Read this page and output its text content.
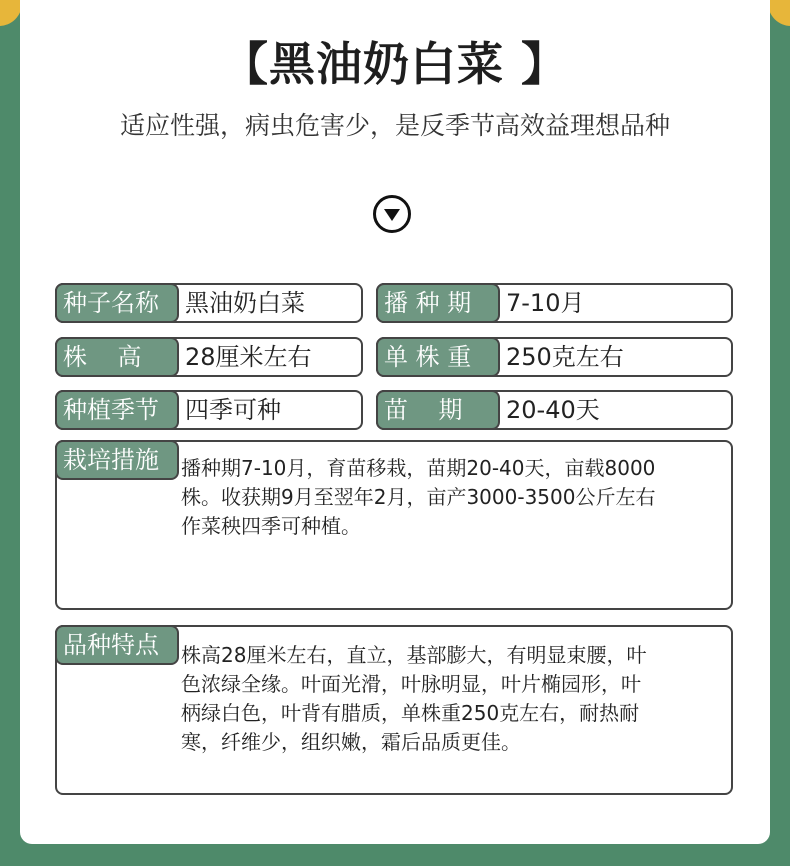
【黑油奶白菜 】
适应性强，病虫危害少，是反季节高效益理想品种
种子名称	黑油奶白菜	播 种 期	7-10月
株    高	28厘米左右	单 株 重	250克左右
种植季节	四季可种	苗    期	20-40天
栽培措施	播种期7-10月，育苗移栽，苗期20-40天，亩载8000
株。收获期9月至翌年2月，亩产3000-3500公斤左右
作菜秧四季可种植。
品种特点	株高28厘米左右，直立，基部膨大，有明显束腰，叶
色浓绿全缘。叶面光滑，叶脉明显，叶片椭园形，叶
柄绿白色，叶背有腊质，单株重250克左右，耐热耐
寒，纤维少，组织嫩，霜后品质更佳。
